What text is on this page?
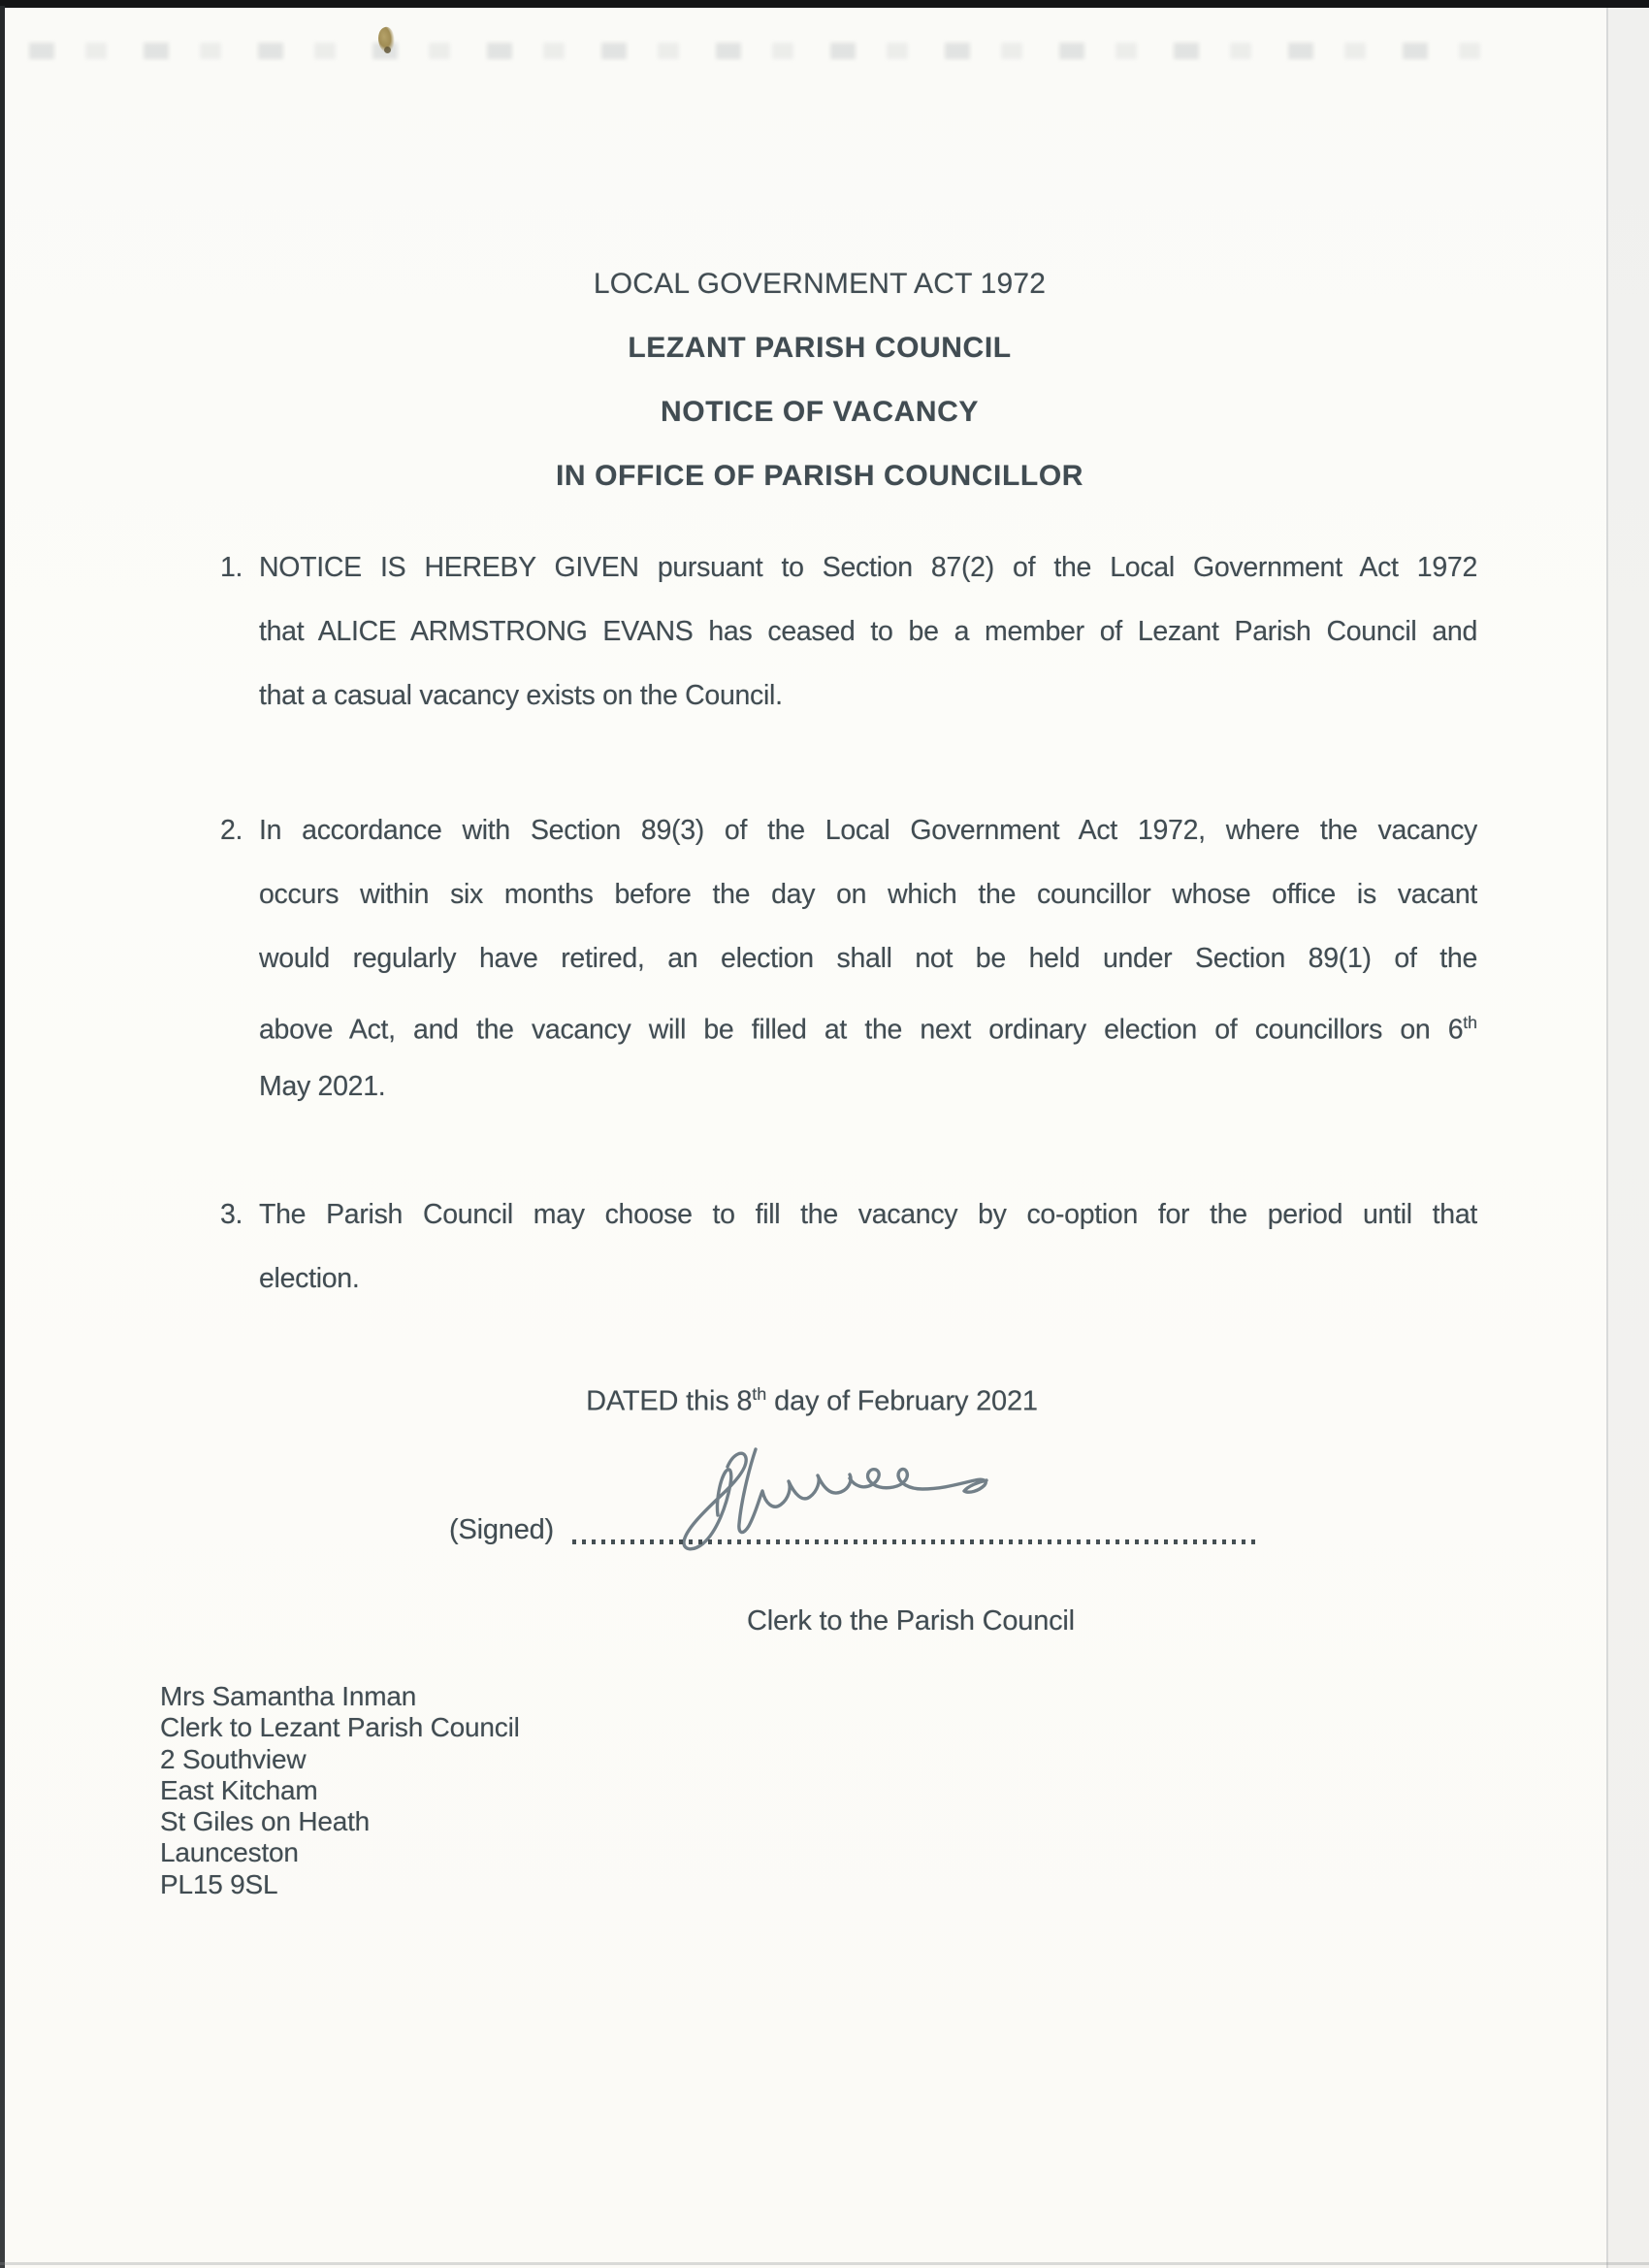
LOCAL GOVERNMENT ACT 1972
LEZANT PARISH COUNCIL
NOTICE OF VACANCY
IN OFFICE OF PARISH COUNCILLOR
1. NOTICE IS HEREBY GIVEN pursuant to Section 87(2) of the Local Government Act 1972
that ALICE ARMSTRONG EVANS has ceased to be a member of Lezant Parish Council and
that a casual vacancy exists on the Council.
2. In accordance with Section 89(3) of the Local Government Act 1972, where the vacancy
occurs within six months before the day on which the councillor whose office is vacant
would regularly have retired, an election shall not be held under Section 89(1) of the
above Act, and the vacancy will be filled at the next ordinary election of councillors on 6th
May 2021.
3. The Parish Council may choose to fill the vacancy by co-option for the period until that
election.
DATED this 8th day of February 2021
(Signed)
Clerk to the Parish Council
Mrs Samantha Inman
Clerk to Lezant Parish Council
2 Southview
East Kitcham
St Giles on Heath
Launceston
PL15 9SL
